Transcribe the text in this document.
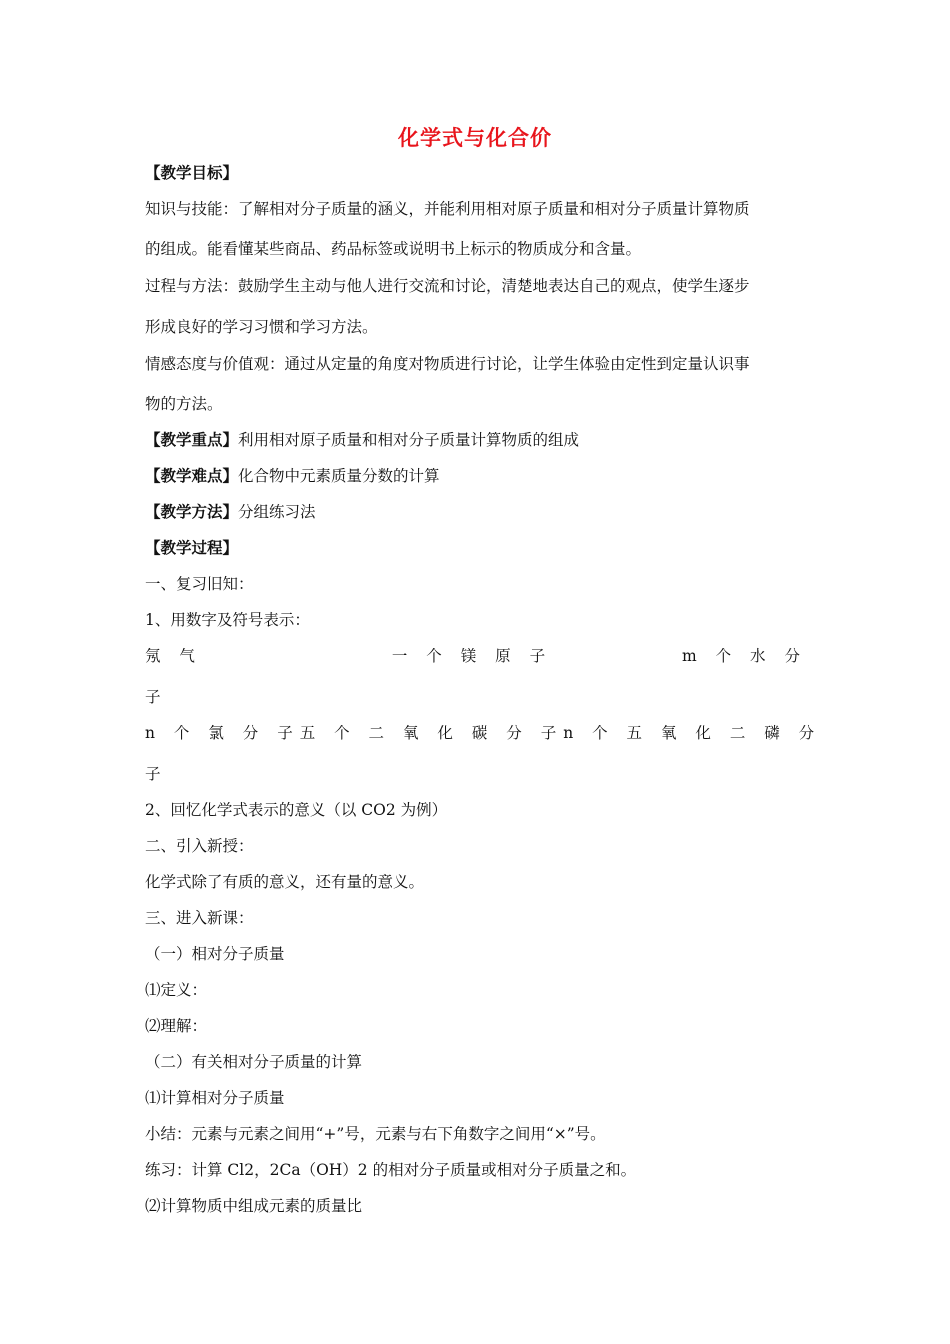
化学式与化合价
【教学目标】
知识与技能：了解相对分子质量的涵义，并能利用相对原子质量和相对分子质量计算物质
的组成。能看懂某些商品、药品标签或说明书上标示的物质成分和含量。
过程与方法：鼓励学生主动与他人进行交流和讨论，清楚地表达自己的观点，使学生逐步
形成良好的学习习惯和学习方法。
情感态度与价值观：通过从定量的角度对物质进行讨论，让学生体验由定性到定量认识事
物的方法。
【教学重点】利用相对原子质量和相对分子质量计算物质的组成
【教学难点】化合物中元素质量分数的计算
【教学方法】分组练习法
【教学过程】
一、复习旧知：
1、用数字及符号表示：
氖 气	一 个 镁 原 子	m 个 水 分
子
n 个 氯 分 子 五 个 二 氧 化 碳 分 子 n 个 五 氧 化 二 磷 分
子
2、回忆化学式表示的意义（以 CO2 为例）
二、引入新授：
化学式除了有质的意义，还有量的意义。
三、进入新课：
（一）相对分子质量
⑴定义：
⑵理解：
（二）有关相对分子质量的计算
⑴计算相对分子质量
小结：元素与元素之间用“+”号，元素与右下角数字之间用“×”号。
练习：计算 Cl2，2Ca（OH）2 的相对分子质量或相对分子质量之和。
⑵计算物质中组成元素的质量比
